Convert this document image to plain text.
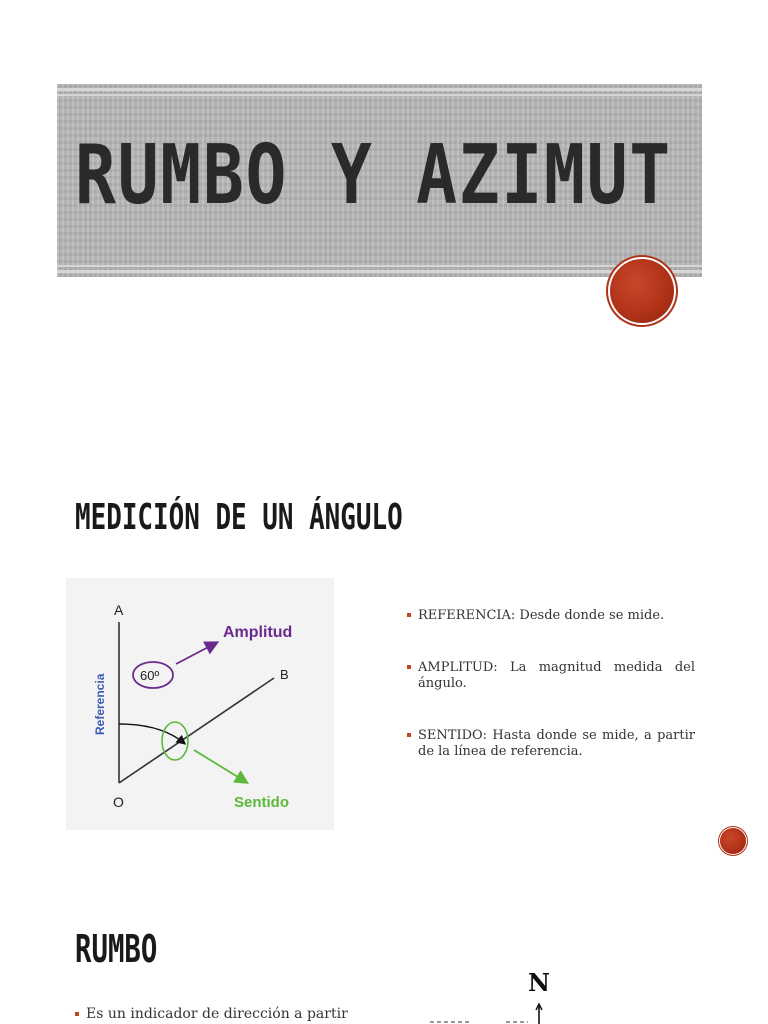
RUMBO Y AZIMUT
MEDICIÓN DE UN ÁNGULO
A
B
O
60º
Amplitud
Sentido
Referencia
REFERENCIA: Desde donde se mide.
AMPLITUD: La magnitud medida del ángulo.
SENTIDO: Hasta donde se mide, a partir de la línea de referencia.
RUMBO
Es un indicador de dirección a partir
N
